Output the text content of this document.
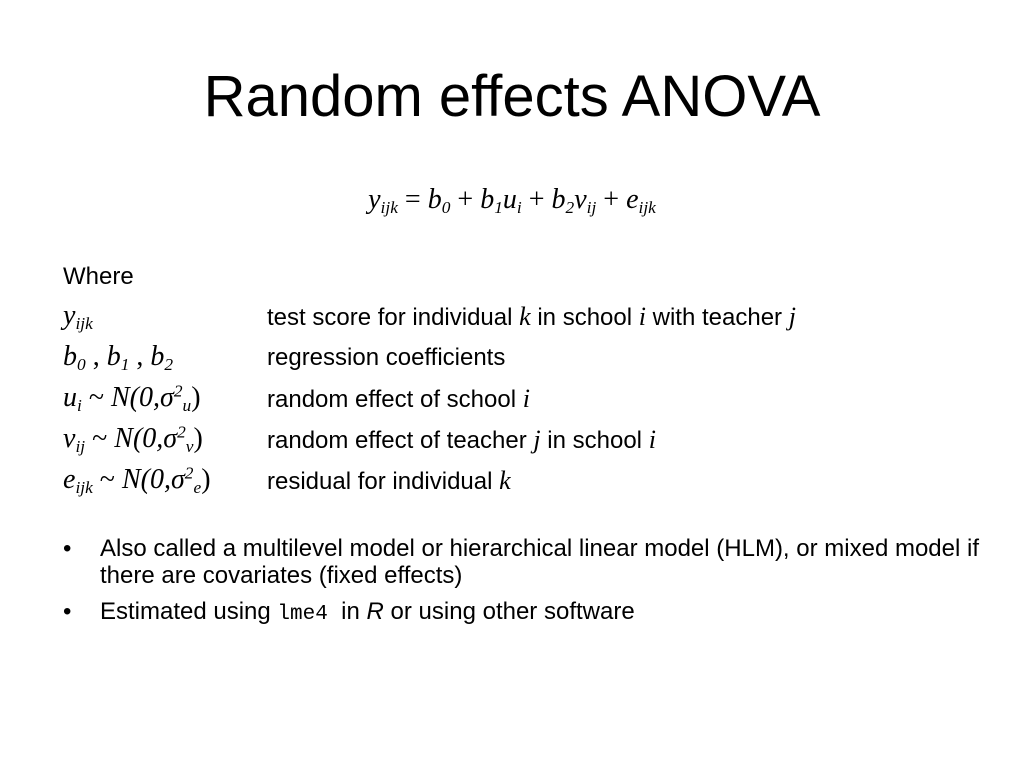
Random effects ANOVA
$y_{ijk} = b_0 + b_1u_i + b_2v_{ij} + e_{ijk}$
Where
$y_{ijk}$	test score for individual k in school i with teacher j
$b_0$ , $b_1$ , $b_2$	regression coefficients
$u_i$ ~ $N(0,\sigma^2_u)$	random effect of school i
$v_{ij}$ ~ $N(0,\sigma^2_v)$	random effect of teacher j in school i
$e_{ijk}$ ~ $N(0,\sigma^2_e)$ residual for individual k
• Also called a multilevel model or hierarchical linear model (HLM), or mixed model if there are covariates (fixed effects)
• Estimated using lme4  in R or using other software
